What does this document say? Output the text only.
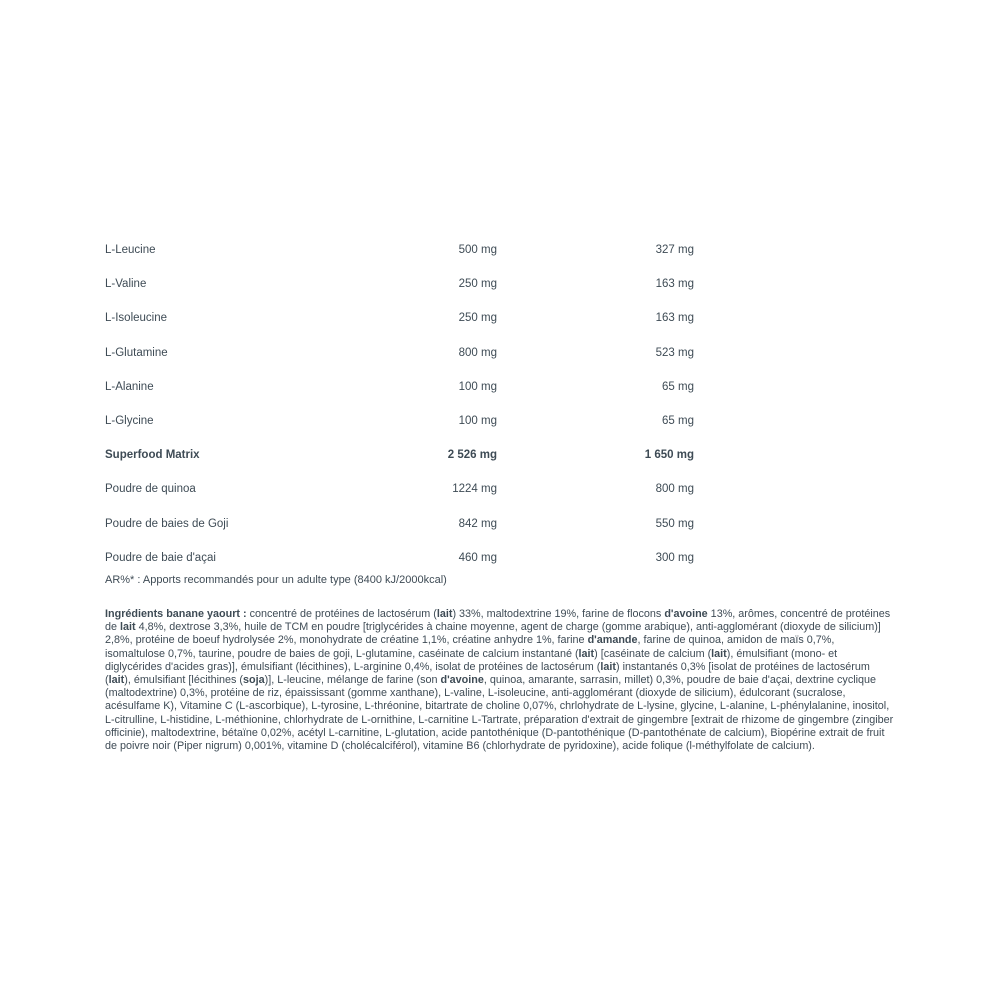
L-Leucine	500 mg	327 mg
L-Valine	250 mg	163 mg
L-Isoleucine	250 mg	163 mg
L-Glutamine	800 mg	523 mg
L-Alanine	100 mg	65 mg
L-Glycine	100 mg	65 mg
Superfood Matrix	2 526 mg	1 650 mg
Poudre de quinoa	1224 mg	800 mg
Poudre de baies de Goji	842 mg	550 mg
Poudre de baie d'açai	460 mg	300 mg
AR%* : Apports recommandés pour un adulte type (8400 kJ/2000kcal)

Ingrédients banane yaourt : concentré de protéines de lactosérum (lait) 33%, maltodextrine 19%, farine de flocons d'avoine 13%, arômes, concentré de protéines de lait 4,8%, dextrose 3,3%, huile de TCM en poudre [triglycérides à chaine moyenne, agent de charge (gomme arabique), anti-agglomérant (dioxyde de silicium)] 2,8%, protéine de boeuf hydrolysée 2%, monohydrate de créatine 1,1%, créatine anhydre 1%, farine d'amande, farine de quinoa, amidon de maïs 0,7%, isomaltulose 0,7%, taurine, poudre de baies de goji, L-glutamine, caséinate de calcium instantané (lait) [caséinate de calcium (lait), émulsifiant (mono- et diglycérides d'acides gras)], émulsifiant (lécithines), L-arginine 0,4%, isolat de protéines de lactosérum (lait) instantanés 0,3% [isolat de protéines de lactosérum (lait), émulsifiant [lécithines (soja)], L-leucine, mélange de farine (son d'avoine, quinoa, amarante, sarrasin, millet) 0,3%, poudre de baie d'açai, dextrine cyclique (maltodextrine) 0,3%, protéine de riz, épaississant (gomme xanthane), L-valine, L-isoleucine, anti-agglomérant (dioxyde de silicium), édulcorant (sucralose, acésulfame K), Vitamine C (L-ascorbique), L-tyrosine, L-thréonine, bitartrate de choline 0,07%, chrlohydrate de L-lysine, glycine, L-alanine, L-phénylalanine, inositol, L-citrulline, L-histidine, L-méthionine, chlorhydrate de L-ornithine, L-carnitine L-Tartrate, préparation d'extrait de gingembre [extrait de rhizome de gingembre (zingiber officinie), maltodextrine, bétaïne 0,02%, acétyl L-carnitine, L-glutation, acide pantothénique (D-pantothénique (D-pantothénate de calcium), Biopérine extrait de fruit de poivre noir (Piper nigrum) 0,001%, vitamine D (cholécalciférol), vitamine B6 (chlorhydrate de pyridoxine), acide folique (l-méthylfolate de calcium).
